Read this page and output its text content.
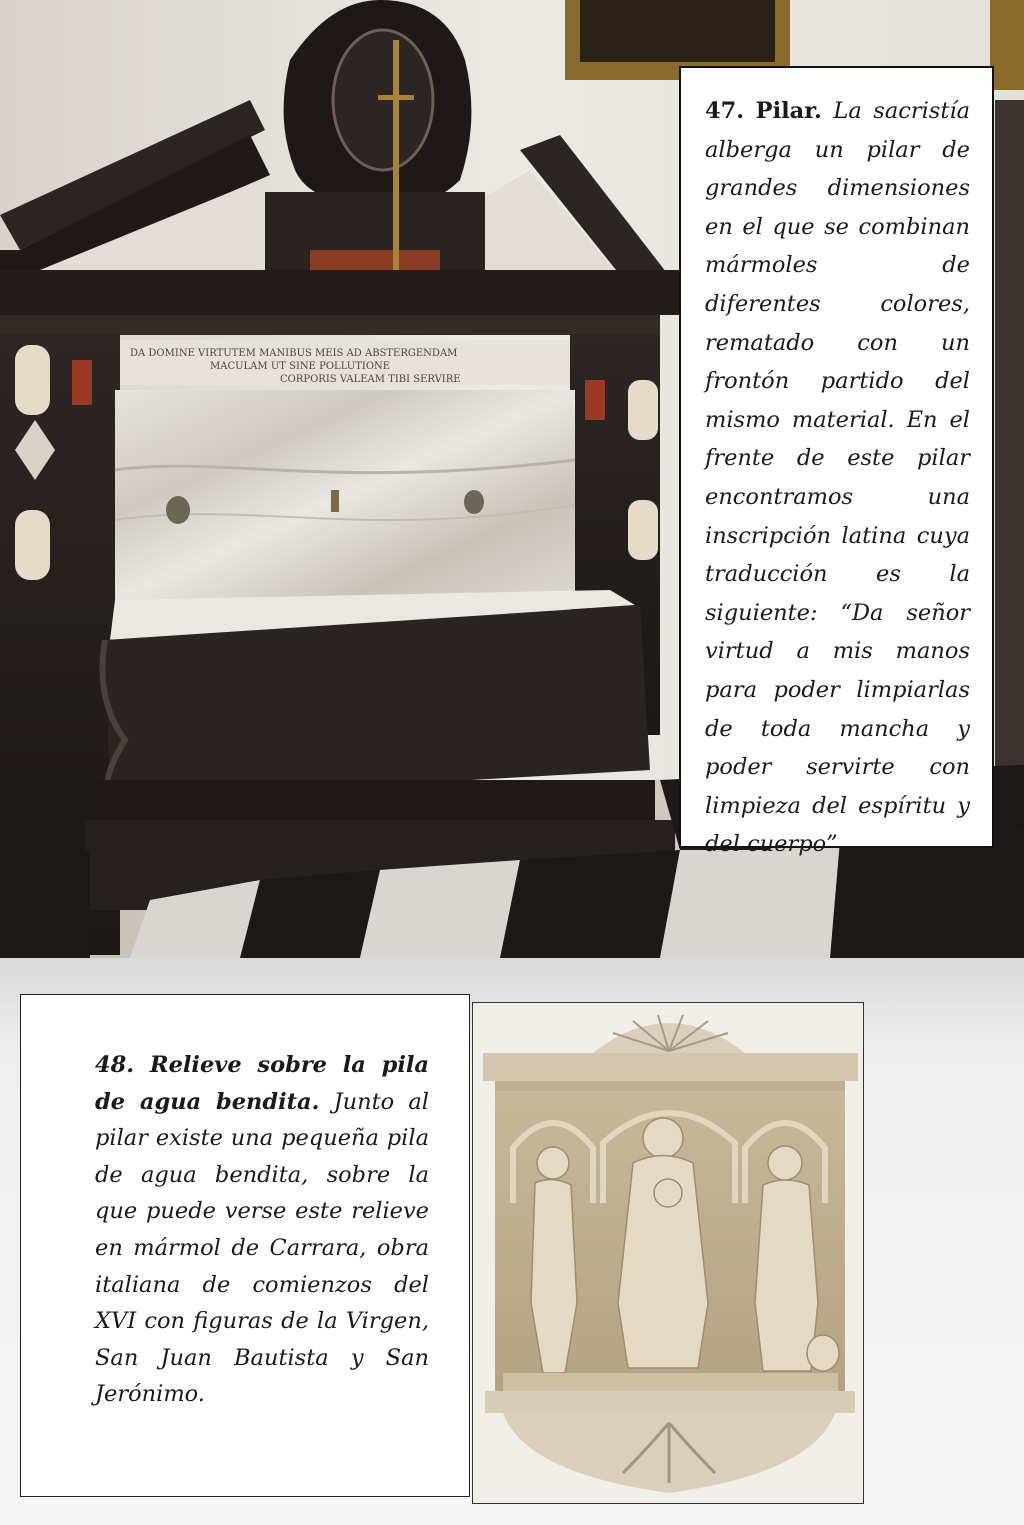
DA DOMINE VIRTUTEM MANIBUS MEIS AD ABSTERGENDAM
MACULAM UT SINE POLLUTIONE
CORPORIS VALEAM TIBI SERVIRE
47. Pilar. La sacristía alberga un pilar de grandes dimensiones en el que se combinan mármoles de diferentes colores, rematado con un frontón partido del mismo material. En el frente de este pilar encontramos una inscripción latina cuya traducción es la siguiente: “Da señor virtud a mis manos para poder limpiarlas de toda mancha y poder servirte con limpieza del espíritu y del cuerpo”.
48. Relieve sobre la pila de agua bendita. Junto al pilar existe una pequeña pila de agua bendita, sobre la que puede verse este relieve en mármol de Carrara, obra italiana de comienzos del XVI con figuras de la Virgen, San Juan Bautista y San Jerónimo.
